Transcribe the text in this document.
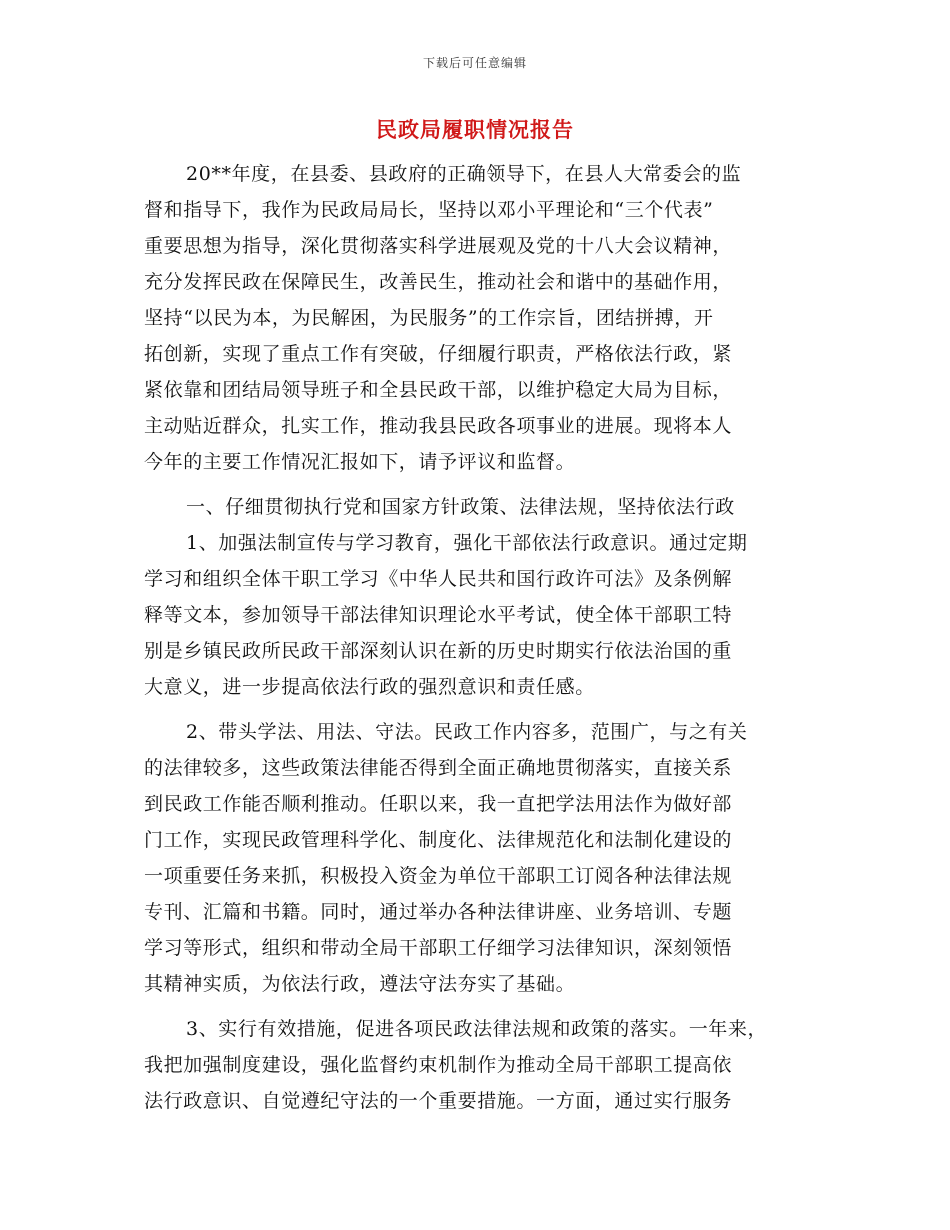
下载后可任意编辑
民政局履职情况报告
20**年度，在县委、县政府的正确领导下，在县人大常委会的监
督和指导下，我作为民政局局长，坚持以邓小平理论和“三个代表”
重要思想为指导，深化贯彻落实科学进展观及党的十八大会议精神，
充分发挥民政在保障民生，改善民生，推动社会和谐中的基础作用，
坚持“以民为本，为民解困，为民服务”的工作宗旨，团结拼搏，开
拓创新，实现了重点工作有突破，仔细履行职责，严格依法行政，紧
紧依靠和团结局领导班子和全县民政干部，以维护稳定大局为目标，
主动贴近群众，扎实工作，推动我县民政各项事业的进展。现将本人
今年的主要工作情况汇报如下，请予评议和监督。
一、仔细贯彻执行党和国家方针政策、法律法规，坚持依法行政
1、加强法制宣传与学习教育，强化干部依法行政意识。通过定期
学习和组织全体干职工学习《中华人民共和国行政许可法》及条例解
释等文本，参加领导干部法律知识理论水平考试，使全体干部职工特
别是乡镇民政所民政干部深刻认识在新的历史时期实行依法治国的重
大意义，进一步提高依法行政的强烈意识和责任感。
2、带头学法、用法、守法。民政工作内容多，范围广，与之有关
的法律较多，这些政策法律能否得到全面正确地贯彻落实，直接关系
到民政工作能否顺利推动。任职以来，我一直把学法用法作为做好部
门工作，实现民政管理科学化、制度化、法律规范化和法制化建设的
一项重要任务来抓，积极投入资金为单位干部职工订阅各种法律法规
专刊、汇篇和书籍。同时，通过举办各种法律讲座、业务培训、专题
学习等形式，组织和带动全局干部职工仔细学习法律知识，深刻领悟
其精神实质，为依法行政，遵法守法夯实了基础。
3、实行有效措施，促进各项民政法律法规和政策的落实。一年来，
我把加强制度建设，强化监督约束机制作为推动全局干部职工提高依
法行政意识、自觉遵纪守法的一个重要措施。一方面，通过实行服务
